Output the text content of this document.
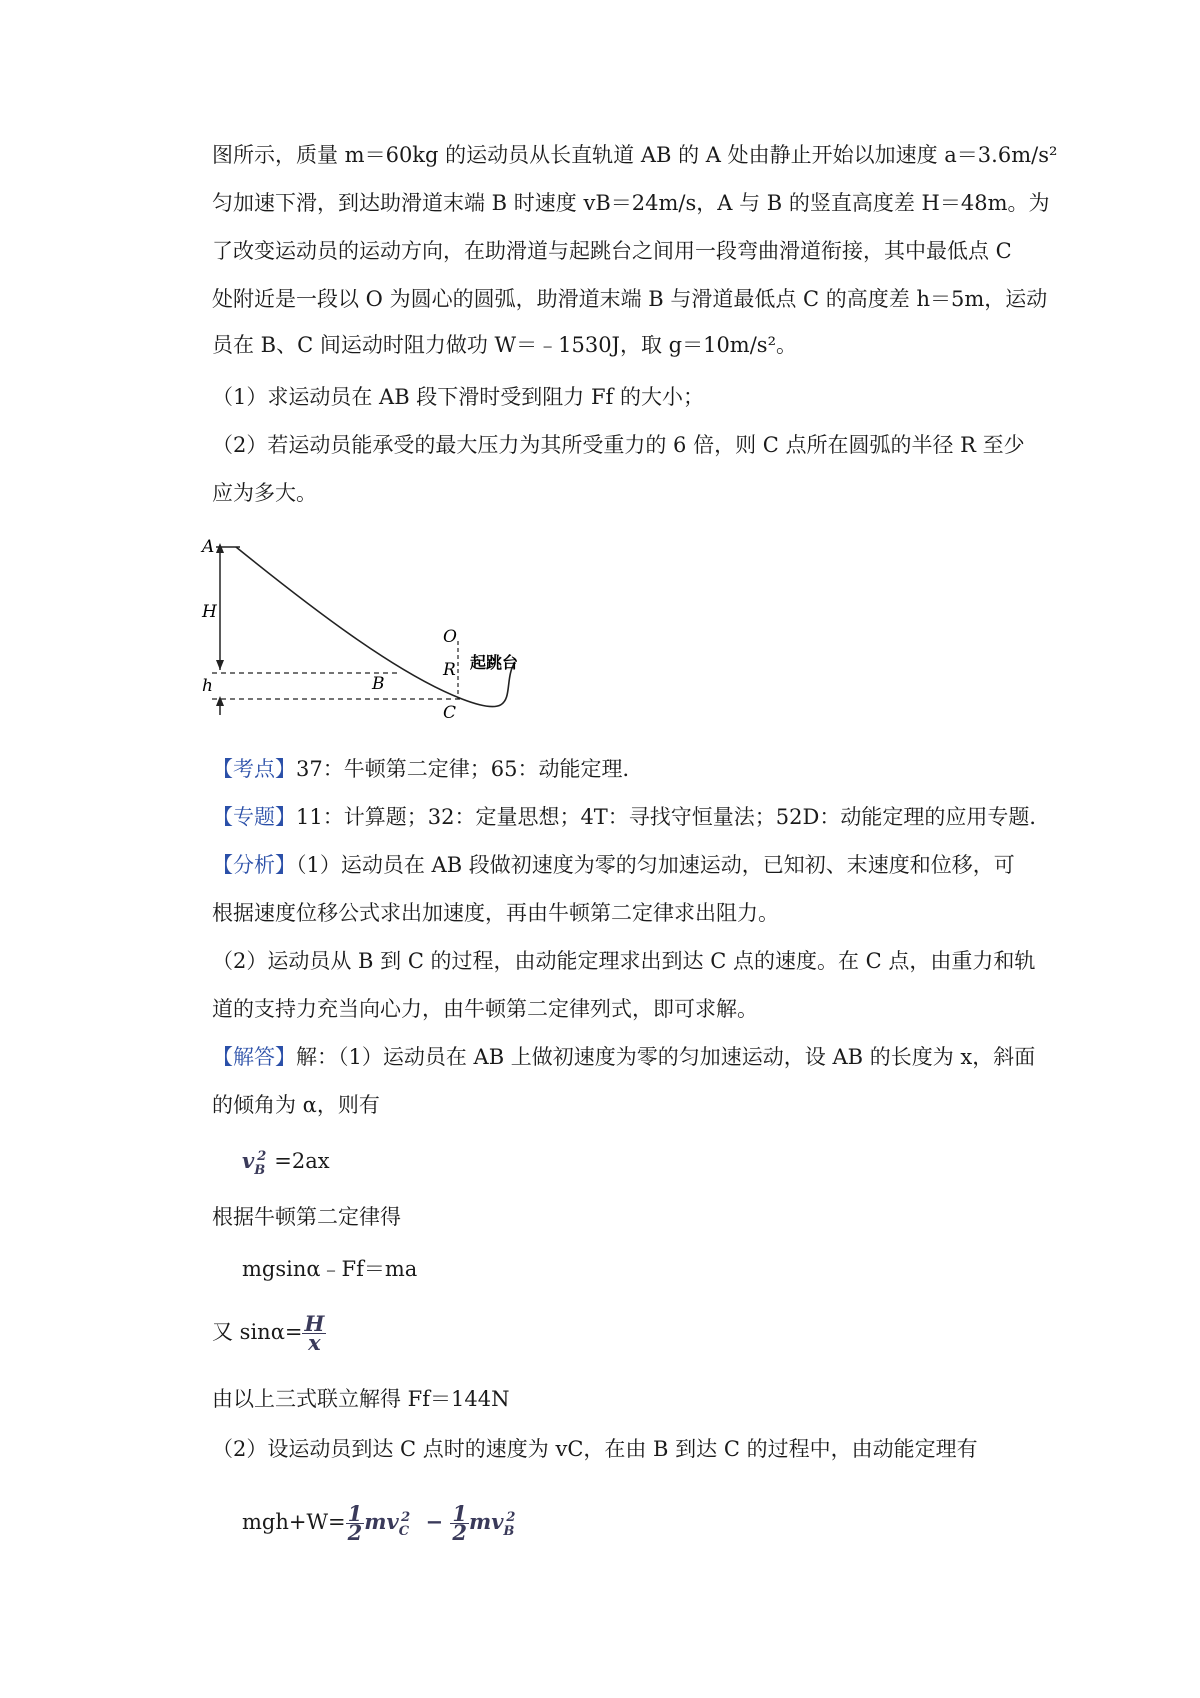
图所示，质量 m＝60kg 的运动员从长直轨道 AB 的 A 处由静止开始以加速度 a＝3.6m/s²
匀加速下滑，到达助滑道末端 B 时速度 vB＝24m/s，A 与 B 的竖直高度差 H＝48m。为
了改变运动员的运动方向，在助滑道与起跳台之间用一段弯曲滑道衔接，其中最低点 C
处附近是一段以 O 为圆心的圆弧，助滑道末端 B 与滑道最低点 C 的高度差 h＝5m，运动
员在 B、C 间运动时阻力做功 W＝﹣1530J，取 g＝10m/s²。
（1）求运动员在 AB 段下滑时受到阻力 Ff 的大小；
（2）若运动员能承受的最大压力为其所受重力的 6 倍，则 C 点所在圆弧的半径 R 至少
应为多大。
A
H
h	B
C
O
R 起跳台
【考点】37：牛顿第二定律；65：动能定理．
【专题】11：计算题；32：定量思想；4T：寻找守恒量法；52D：动能定理的应用专题．
【分析】（1）运动员在 AB 段做初速度为零的匀加速运动，已知初、末速度和位移，可
根据速度位移公式求出加速度，再由牛顿第二定律求出阻力。
（2）运动员从 B 到 C 的过程，由动能定理求出到达 C 点的速度。在 C 点，由重力和轨
道的支持力充当向心力，由牛顿第二定律列式，即可求解。
【解答】解：（1）运动员在 AB 上做初速度为零的匀加速运动，设 AB 的长度为 x，斜面
的倾角为 α，则有
$v_B^2 =2ax$
根据牛顿第二定律得
mgsinα﹣Ff＝ma
又 $\sin\alpha= \frac{H}{x}$
由以上三式联立解得 Ff＝144N
（2）设运动员到达 C 点时的速度为 vC，在由 B 到达 C 的过程中，由动能定理有
$mgh+W= \frac{1}{2} mv_C^2 - \frac{1}{2} mv_B^2$
